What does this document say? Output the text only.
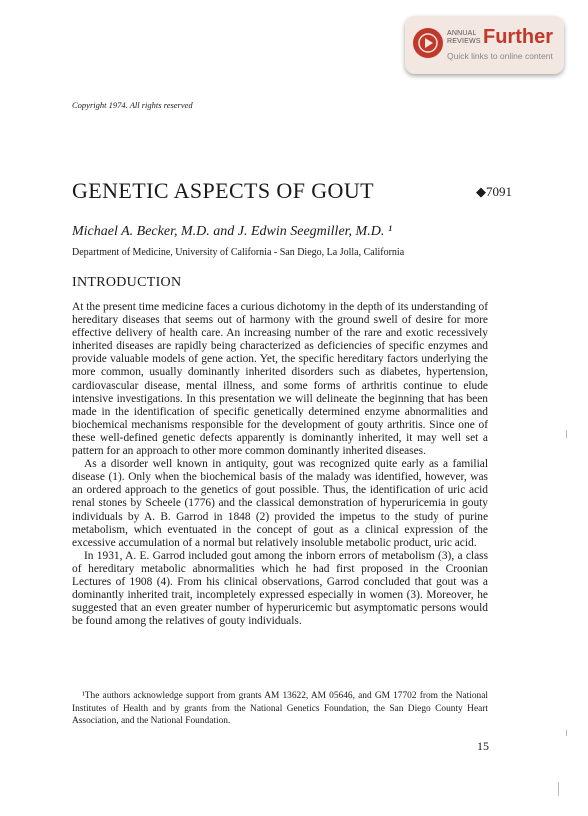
ANNUAL
REVIEWS Further
Quick links to online content
Copyright 1974. All rights reserved
GENETIC ASPECTS OF GOUT	◆7091
Michael A. Becker, M.D. and J. Edwin Seegmiller, M.D. ¹
Department of Medicine, University of California - San Diego, La Jolla, California
INTRODUCTION

At the present time medicine faces a curious dichotomy in the depth of its understanding of hereditary diseases that seems out of harmony with the ground swell of desire for more effective delivery of health care. An increasing number of the rare and exotic recessively inherited diseases are rapidly being characterized as deficiencies of specific enzymes and provide valuable models of gene action. Yet, the specific hereditary factors underlying the more common, usually dominantly inherited disorders such as diabetes, hypertension, cardiovascular disease, mental illness, and some forms of arthritis continue to elude intensive investigations. In this presentation we will delineate the beginning that has been made in the identification of specific genetically determined enzyme abnormalities and biochemical mechanisms responsible for the development of gouty arthritis. Since one of these well-defined genetic defects apparently is dominantly inherited, it may well set a pattern for an approach to other more common dominantly inherited diseases.

As a disorder well known in antiquity, gout was recognized quite early as a familial disease (1). Only when the biochemical basis of the malady was identified, however, was an ordered approach to the genetics of gout possible. Thus, the identification of uric acid renal stones by Scheele (1776) and the classical demonstration of hyperuricemia in gouty individuals by A. B. Garrod in 1848 (2) provided the impetus to the study of purine metabolism, which eventuated in the concept of gout as a clinical expression of the excessive accumulation of a normal but relatively insoluble metabolic product, uric acid.

In 1931, A. E. Garrod included gout among the inborn errors of metabolism (3), a class of hereditary metabolic abnormalities which he had first proposed in the Croonian Lectures of 1908 (4). From his clinical observations, Garrod concluded that gout was a dominantly inherited trait, incompletely expressed especially in women (3). Moreover, he suggested that an even greater number of hyperuricemic but asymptomatic persons would be found among the relatives of gouty individuals.

¹The authors acknowledge support from grants AM 13622, AM 05646, and GM 17702 from the National Institutes of Health and by grants from the National Genetics Foundation, the San Diego County Heart Association, and the National Foundation.
15
